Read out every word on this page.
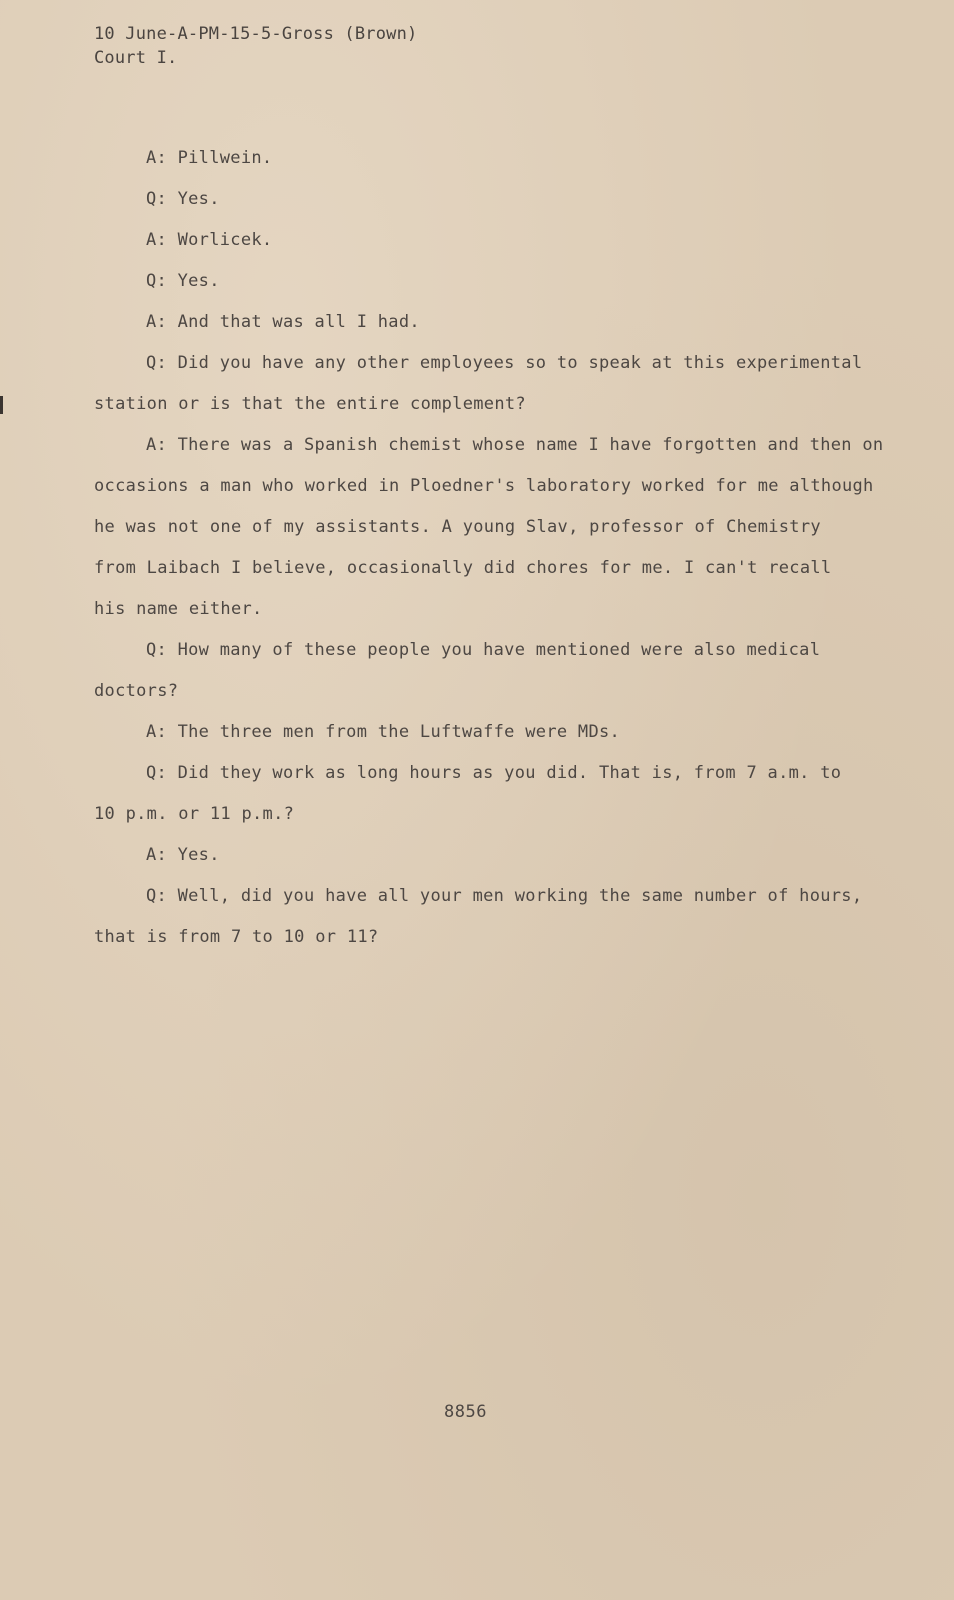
10 June-A-PM-15-5-Gross (Brown)
Court I.
A: Pillwein.
Q: Yes.
A: Worlicek.
Q: Yes.
A: And that was all I had.
Q: Did you have any other employees so to speak at this experimental
station or is that the entire complement?
A: There was a Spanish chemist whose name I have forgotten and then on
occasions a man who worked in Ploedner's laboratory worked for me although
he was not one of my assistants. A young Slav, professor of Chemistry
from Laibach I believe, occasionally did chores for me. I can't recall
his name either.
Q: How many of these people you have mentioned were also medical
doctors?
A: The three men from the Luftwaffe were MDs.
Q: Did they work as long hours as you did. That is, from 7 a.m. to
10 p.m. or 11 p.m.?
A: Yes.
Q: Well, did you have all your men working the same number of hours,
that is from 7 to 10 or 11?
8856
